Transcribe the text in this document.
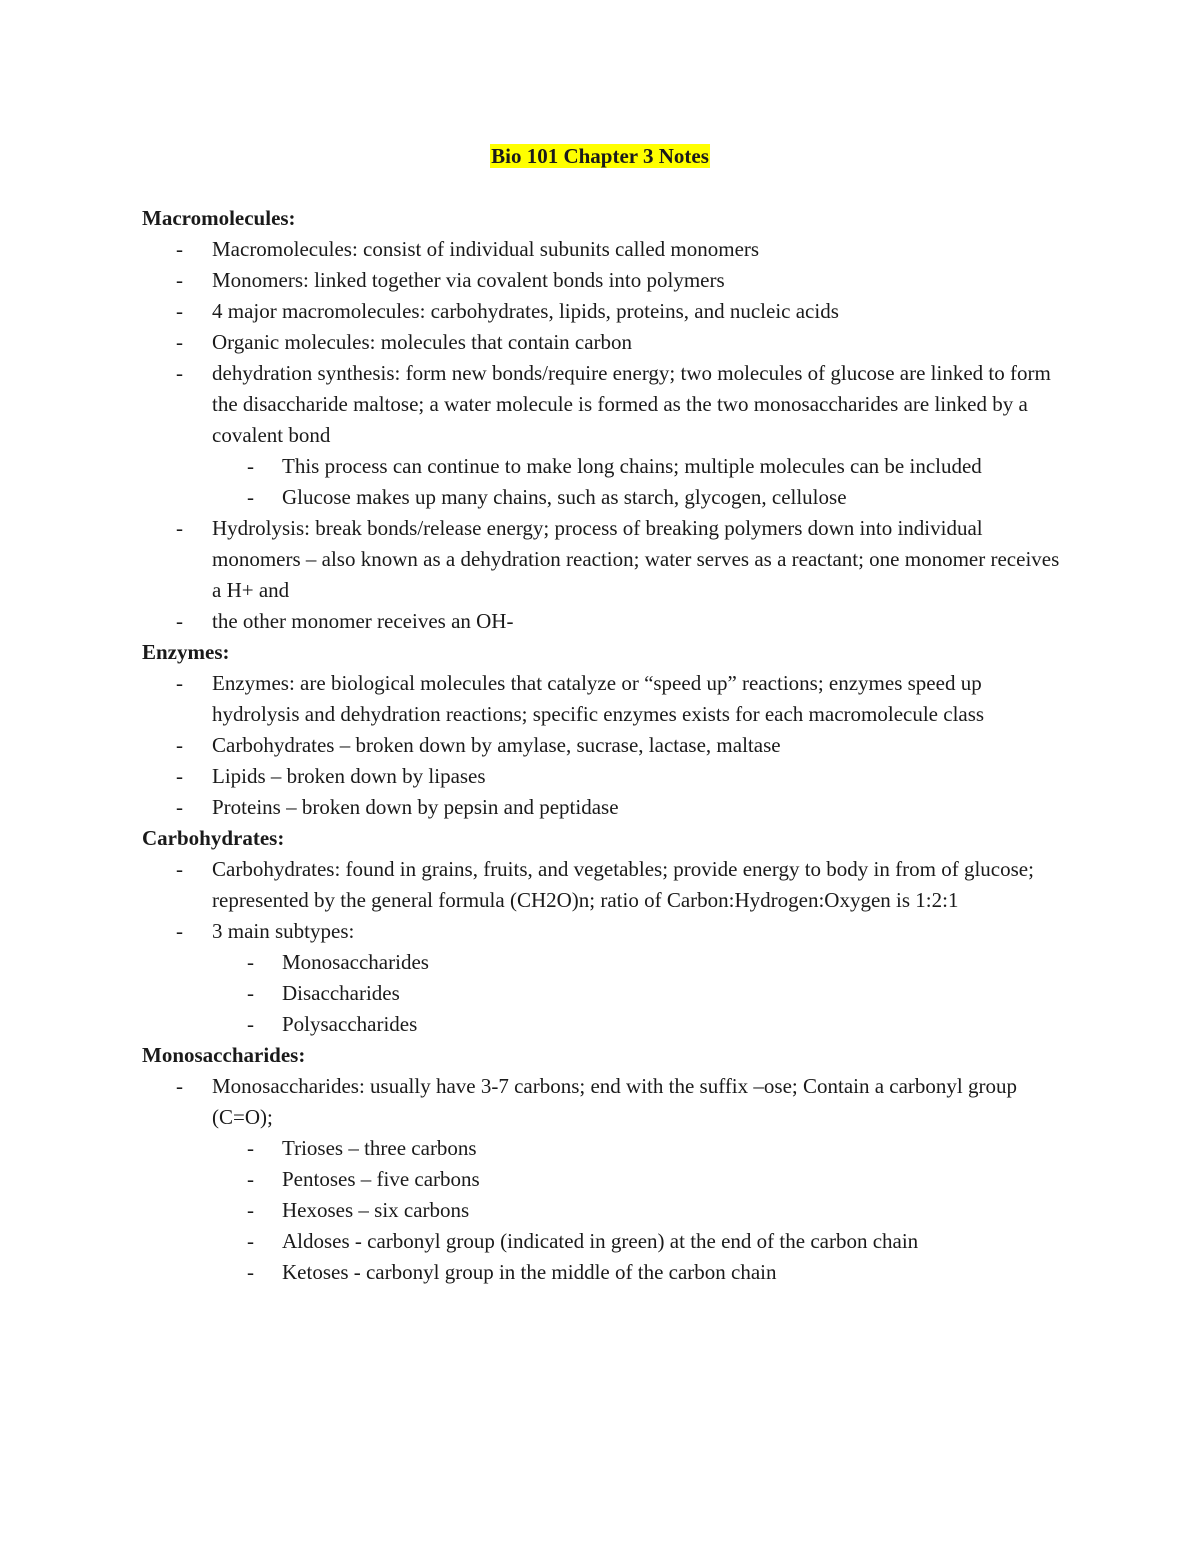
Bio 101 Chapter 3 Notes
Macromolecules:
- Macromolecules: consist of individual subunits called monomers
- Monomers: linked together via covalent bonds into polymers
- 4 major macromolecules: carbohydrates, lipids, proteins, and nucleic acids
- Organic molecules: molecules that contain carbon
- dehydration synthesis: form new bonds/require energy; two molecules of glucose are linked to form the disaccharide maltose; a water molecule is formed as the two monosaccharides are linked by a covalent bond
- This process can continue to make long chains; multiple molecules can be included
- Glucose makes up many chains, such as starch, glycogen, cellulose
- Hydrolysis: break bonds/release energy; process of breaking polymers down into individual monomers – also known as a dehydration reaction; water serves as a reactant; one monomer receives a H+ and
- the other monomer receives an OH-
Enzymes:
- Enzymes: are biological molecules that catalyze or “speed up” reactions; enzymes speed up hydrolysis and dehydration reactions; specific enzymes exists for each macromolecule class
- Carbohydrates – broken down by amylase, sucrase, lactase, maltase
- Lipids – broken down by lipases
- Proteins – broken down by pepsin and peptidase
Carbohydrates:
- Carbohydrates: found in grains, fruits, and vegetables; provide energy to body in from of glucose; represented by the general formula (CH2O)n; ratio of Carbon:Hydrogen:Oxygen is 1:2:1
- 3 main subtypes:
- Monosaccharides
- Disaccharides
- Polysaccharides
Monosaccharides:
- Monosaccharides: usually have 3-7 carbons; end with the suffix –ose; Contain a carbonyl group (C=O);
- Trioses – three carbons
- Pentoses – five carbons
- Hexoses – six carbons
- Aldoses - carbonyl group (indicated in green) at the end of the carbon chain
- Ketoses - carbonyl group in the middle of the carbon chain
